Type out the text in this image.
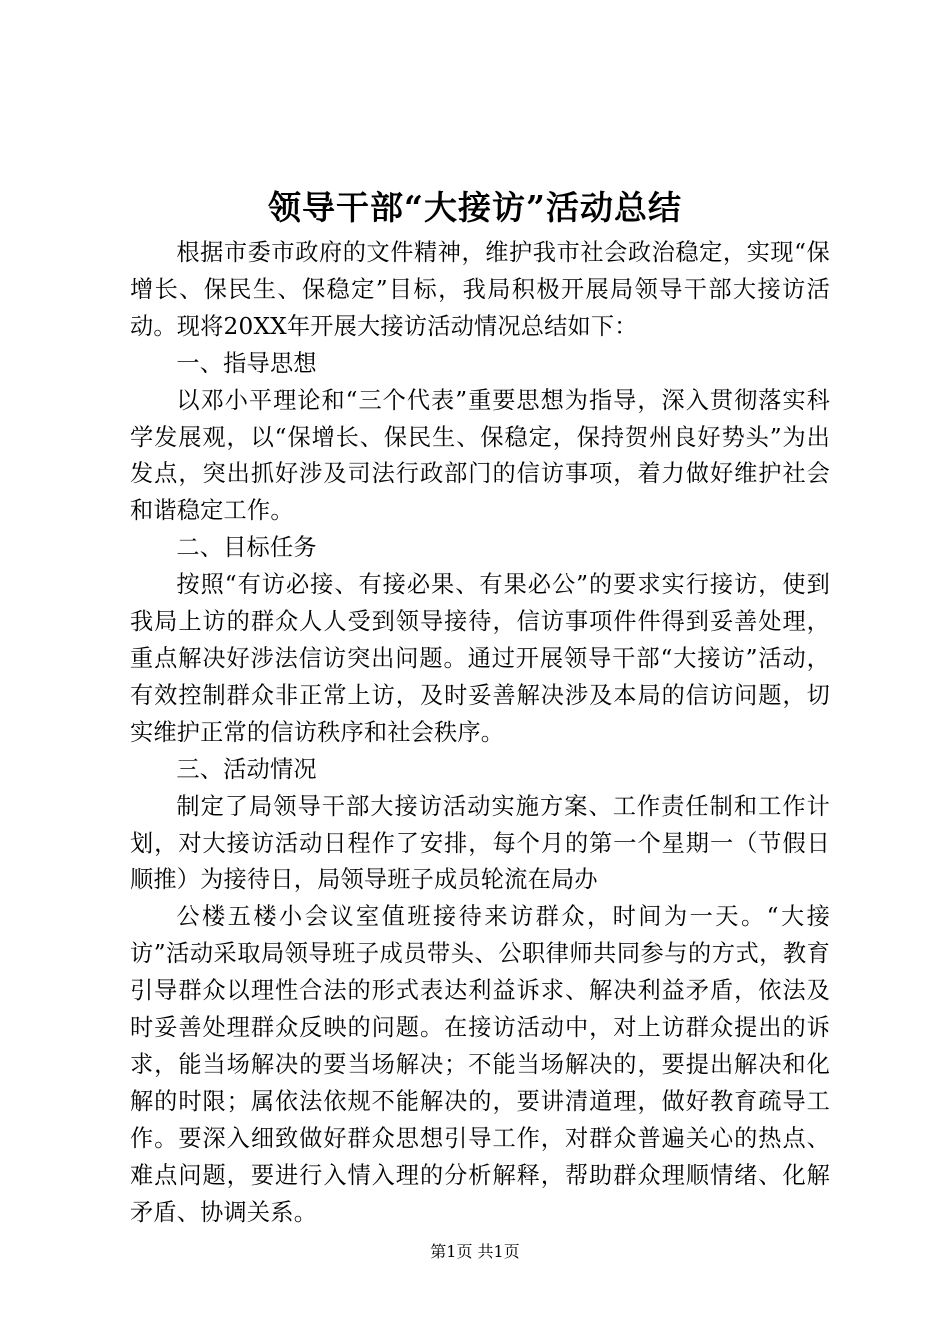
领导干部“大接访”活动总结

根据市委市政府的文件精神，维护我市社会政治稳定，实现“保增长、保民生、保稳定”目标，我局积极开展局领导干部大接访活动。现将20XX年开展大接访活动情况总结如下：

一、指导思想

以邓小平理论和“三个代表”重要思想为指导，深入贯彻落实科学发展观，以“保增长、保民生、保稳定，保持贺州良好势头”为出发点，突出抓好涉及司法行政部门的信访事项，着力做好维护社会和谐稳定工作。

二、目标任务

按照“有访必接、有接必果、有果必公”的要求实行接访，使到我局上访的群众人人受到领导接待，信访事项件件得到妥善处理，重点解决好涉法信访突出问题。通过开展领导干部“大接访”活动，有效控制群众非正常上访，及时妥善解决涉及本局的信访问题，切实维护正常的信访秩序和社会秩序。

三、活动情况

制定了局领导干部大接访活动实施方案、工作责任制和工作计划，对大接访活动日程作了安排，每个月的第一个星期一（节假日顺推）为接待日，局领导班子成员轮流在局办

公楼五楼小会议室值班接待来访群众，时间为一天。“大接访”活动采取局领导班子成员带头、公职律师共同参与的方式，教育引导群众以理性合法的形式表达利益诉求、解决利益矛盾，依法及时妥善处理群众反映的问题。在接访活动中，对上访群众提出的诉求，能当场解决的要当场解决；不能当场解决的，要提出解决和化解的时限；属依法依规不能解决的，要讲清道理，做好教育疏导工作。要深入细致做好群众思想引导工作，对群众普遍关心的热点、难点问题，要进行入情入理的分析解释，帮助群众理顺情绪、化解矛盾、协调关系。

第1页 共1页
